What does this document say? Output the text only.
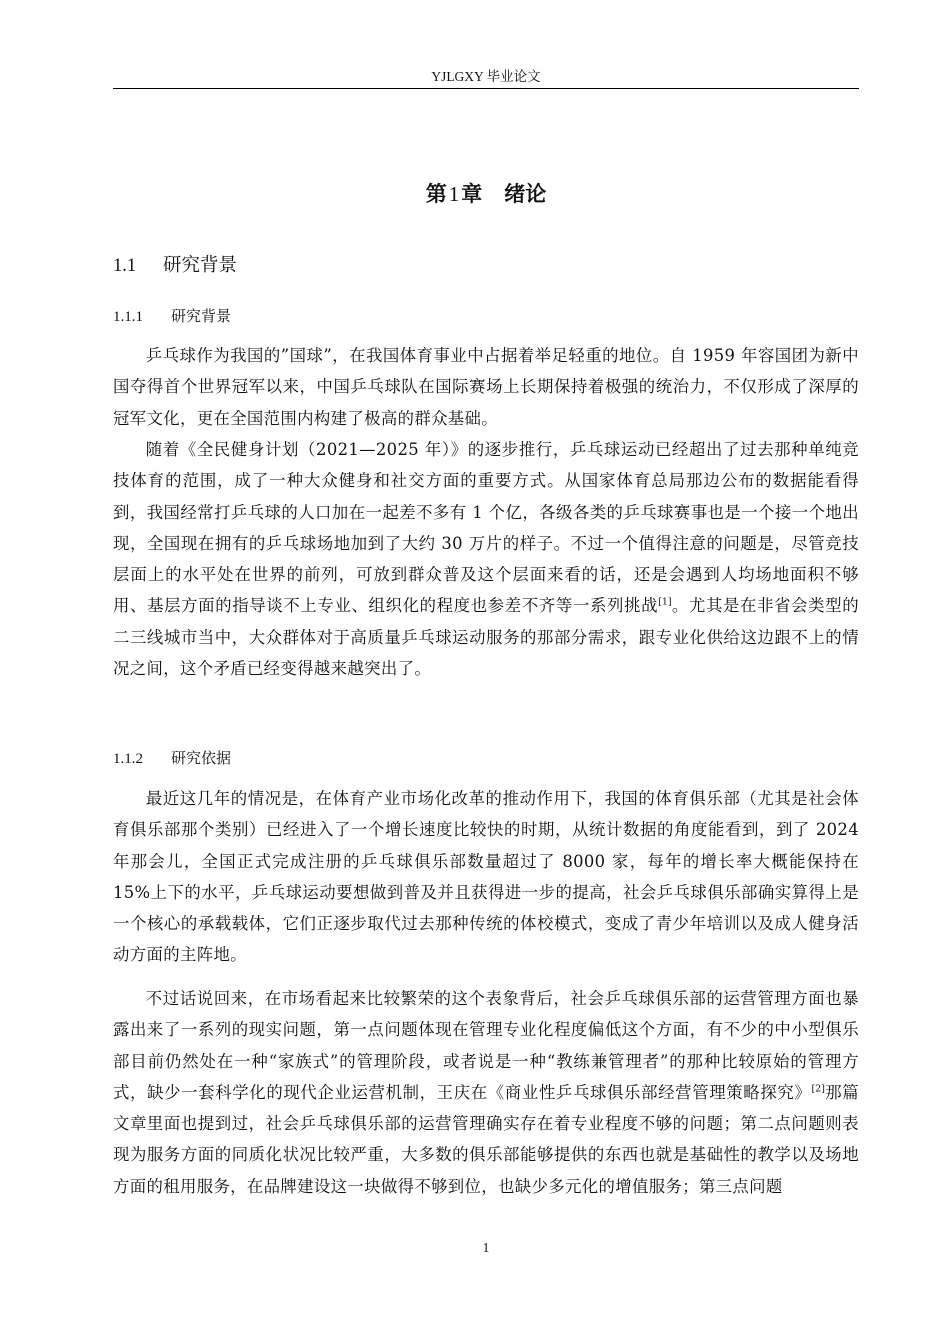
YJLGXY 毕业论文
第1章 绪论
1.1 研究背景
1.1.1 研究背景

乒乓球作为我国的”国球”，在我国体育事业中占据着举足轻重的地位。自 1959 年容国团为新中国夺得首个世界冠军以来，中国乒乓球队在国际赛场上长期保持着极强的统治力，不仅形成了深厚的冠军文化，更在全国范围内构建了极高的群众基础。

随着《全民健身计划（2021—2025 年）》的逐步推行，乒乓球运动已经超出了过去那种单纯竞技体育的范围，成了一种大众健身和社交方面的重要方式。从国家体育总局那边公布的数据能看得到，我国经常打乒乓球的人口加在一起差不多有 1 个亿，各级各类的乒乓球赛事也是一个接一个地出现，全国现在拥有的乒乓球场地加到了大约 30 万片的样子。不过一个值得注意的问题是，尽管竞技层面上的水平处在世界的前列，可放到群众普及这个层面来看的话，还是会遇到人均场地面积不够用、基层方面的指导谈不上专业、组织化的程度也参差不齐等一系列挑战[1]。尤其是在非省会类型的二三线城市当中，大众群体对于高质量乒乓球运动服务的那部分需求，跟专业化供给这边跟不上的情况之间，这个矛盾已经变得越来越突出了。

1.1.2 研究依据

最近这几年的情况是，在体育产业市场化改革的推动作用下，我国的体育俱乐部（尤其是社会体育俱乐部那个类别）已经进入了一个增长速度比较快的时期，从统计数据的角度能看到，到了 2024 年那会儿，全国正式完成注册的乒乓球俱乐部数量超过了 8000 家，每年的增长率大概能保持在 15%上下的水平，乒乓球运动要想做到普及并且获得进一步的提高，社会乒乓球俱乐部确实算得上是一个核心的承载载体，它们正逐步取代过去那种传统的体校模式，变成了青少年培训以及成人健身活动方面的主阵地。

不过话说回来，在市场看起来比较繁荣的这个表象背后，社会乒乓球俱乐部的运营管理方面也暴露出来了一系列的现实问题，第一点问题体现在管理专业化程度偏低这个方面，有不少的中小型俱乐部目前仍然处在一种“家族式”的管理阶段，或者说是一种“教练兼管理者”的那种比较原始的管理方式，缺少一套科学化的现代企业运营机制，王庆在《商业性乒乓球俱乐部经营管理策略探究》[2]那篇文章里面也提到过，社会乒乓球俱乐部的运营管理确实存在着专业程度不够的问题；第二点问题则表现为服务方面的同质化状况比较严重，大多数的俱乐部能够提供的东西也就是基础性的教学以及场地方面的租用服务，在品牌建设这一块做得不够到位，也缺少多元化的增值服务；第三点问题

1
